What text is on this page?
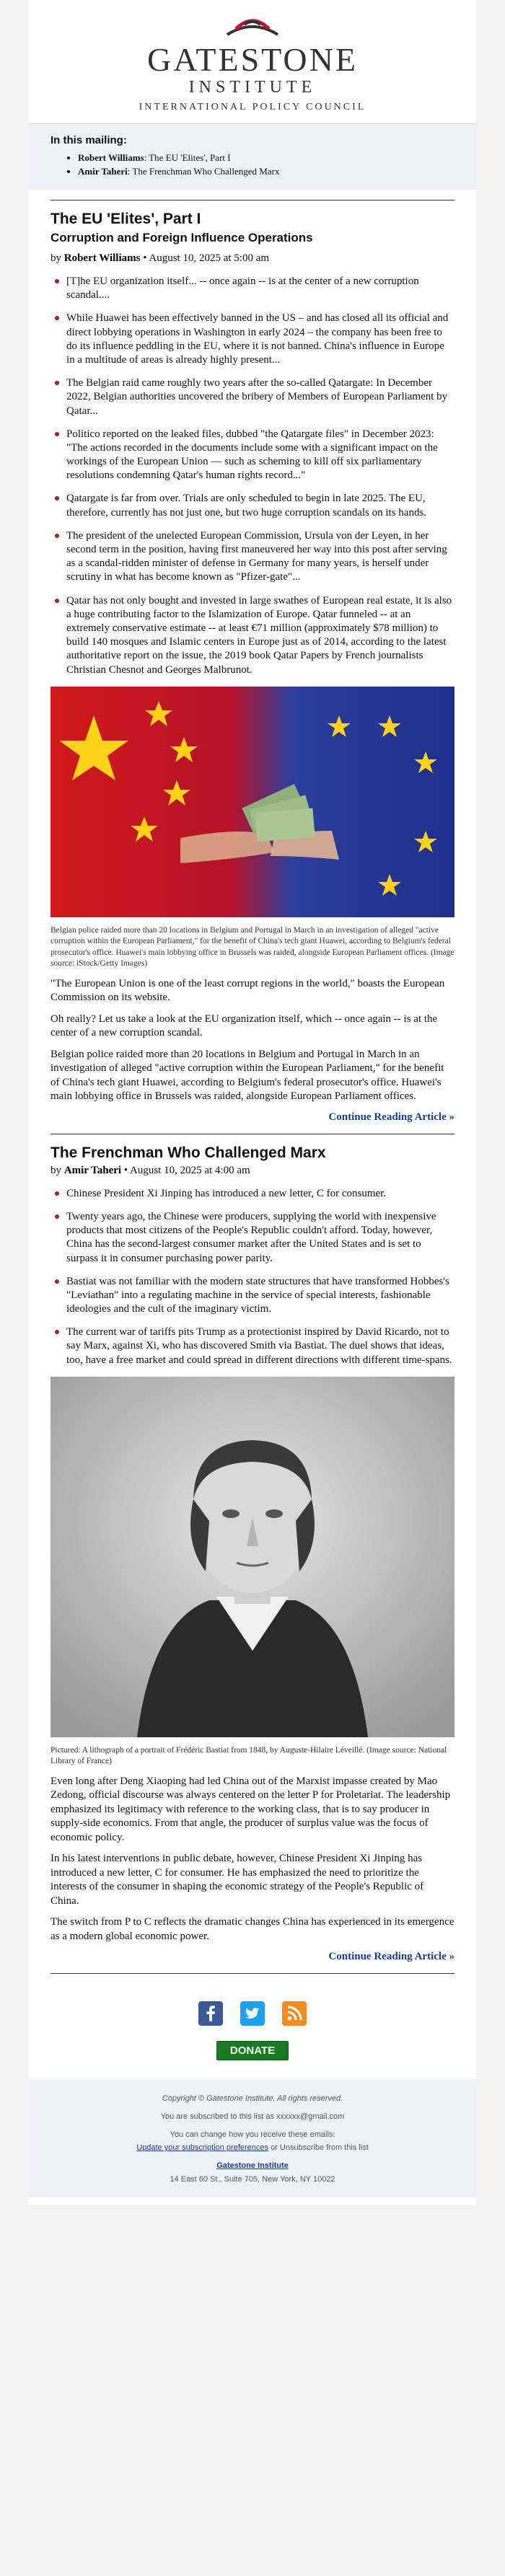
GATESTONE
INSTITUTE
INTERNATIONAL POLICY COUNCIL
In this mailing:
• Robert Williams: The EU 'Elites', Part I
• Amir Taheri: The Frenchman Who Challenged Marx
The EU 'Elites', Part I
Corruption and Foreign Influence Operations
by Robert Williams • August 10, 2025 at 5:00 am
[T]he EU organization itself... -- once again -- is at the center of a new corruption scandal....
While Huawei has been effectively banned in the US – and has closed all its official and direct lobbying operations in Washington in early 2024 – the company has been free to do its influence peddling in the EU, where it is not banned. China's influence in Europe in a multitude of areas is already highly present...
The Belgian raid came roughly two years after the so-called Qatargate: In December 2022, Belgian authorities uncovered the bribery of Members of European Parliament by Qatar...
Politico reported on the leaked files, dubbed "the Qatargate files" in December 2023: "The actions recorded in the documents include some with a significant impact on the workings of the European Union — such as scheming to kill off six parliamentary resolutions condemning Qatar's human rights record..."
Qatargate is far from over. Trials are only scheduled to begin in late 2025. The EU, therefore, currently has not just one, but two huge corruption scandals on its hands.
The president of the unelected European Commission, Ursula von der Leyen, in her second term in the position, having first maneuvered her way into this post after serving as a scandal-ridden minister of defense in Germany for many years, is herself under scrutiny in what has become known as "Pfizer-gate"...
Qatar has not only bought and invested in large swathes of European real estate, it is also a huge contributing factor to the Islamization of Europe. Qatar funneled -- at an extremely conservative estimate -- at least €71 million (approximately $78 million) to build 140 mosques and Islamic centers in Europe just as of 2014, according to the latest authoritative report on the issue, the 2019 book Qatar Papers by French journalists Christian Chesnot and Georges Malbrunot.
Belgian police raided more than 20 locations in Belgium and Portugal in March in an investigation of alleged "active corruption within the European Parliament," for the benefit of China's tech giant Huawei, according to Belgium's federal prosecutor's office. Huawei's main lobbying office in Brussels was raided, alongside European Parliament offices. (Image source: iStock/Getty Images)

"The European Union is one of the least corrupt regions in the world," boasts the European Commission on its website.

Oh really? Let us take a look at the EU organization itself, which -- once again -- is at the center of a new corruption scandal.

Belgian police raided more than 20 locations in Belgium and Portugal in March in an investigation of alleged "active corruption within the European Parliament," for the benefit of China's tech giant Huawei, according to Belgium's federal prosecutor's office. Huawei's main lobbying office in Brussels was raided, alongside European Parliament offices.

Continue Reading Article »
The Frenchman Who Challenged Marx
by Amir Taheri • August 10, 2025 at 4:00 am
Chinese President Xi Jinping has introduced a new letter, C for consumer.
Twenty years ago, the Chinese were producers, supplying the world with inexpensive products that most citizens of the People's Republic couldn't afford. Today, however, China has the second-largest consumer market after the United States and is set to surpass it in consumer purchasing power parity.
Bastiat was not familiar with the modern state structures that have transformed Hobbes's "Leviathan" into a regulating machine in the service of special interests, fashionable ideologies and the cult of the imaginary victim.
The current war of tariffs pits Trump as a protectionist inspired by David Ricardo, not to say Marx, against Xi, who has discovered Smith via Bastiat. The duel shows that ideas, too, have a free market and could spread in different directions with different time-spans.
Pictured: A lithograph of a portrait of Frédéric Bastiat from 1848, by Auguste-Hilaire Léveillé. (Image source: National Library of France)

Even long after Deng Xiaoping had led China out of the Marxist impasse created by Mao Zedong, official discourse was always centered on the letter P for Proletariat. The leadership emphasized its legitimacy with reference to the working class, that is to say producer in supply-side economics. From that angle, the producer of surplus value was the focus of economic policy.

In his latest interventions in public debate, however, Chinese President Xi Jinping has introduced a new letter, C for consumer. He has emphasized the need to prioritize the interests of the consumer in shaping the economic strategy of the People's Republic of China.

The switch from P to C reflects the dramatic changes China has experienced in its emergence as a modern global economic power.

Continue Reading Article »

DONATE
Copyright © Gatestone Institute. All rights reserved.
You are subscribed to this list as xxxxxx@gmail.com
You can change how you receive these emails:
Update your subscription preferences or Unsubscribe from this list
Gatestone Institute
14 East 60 St., Suite 705, New York, NY 10022
